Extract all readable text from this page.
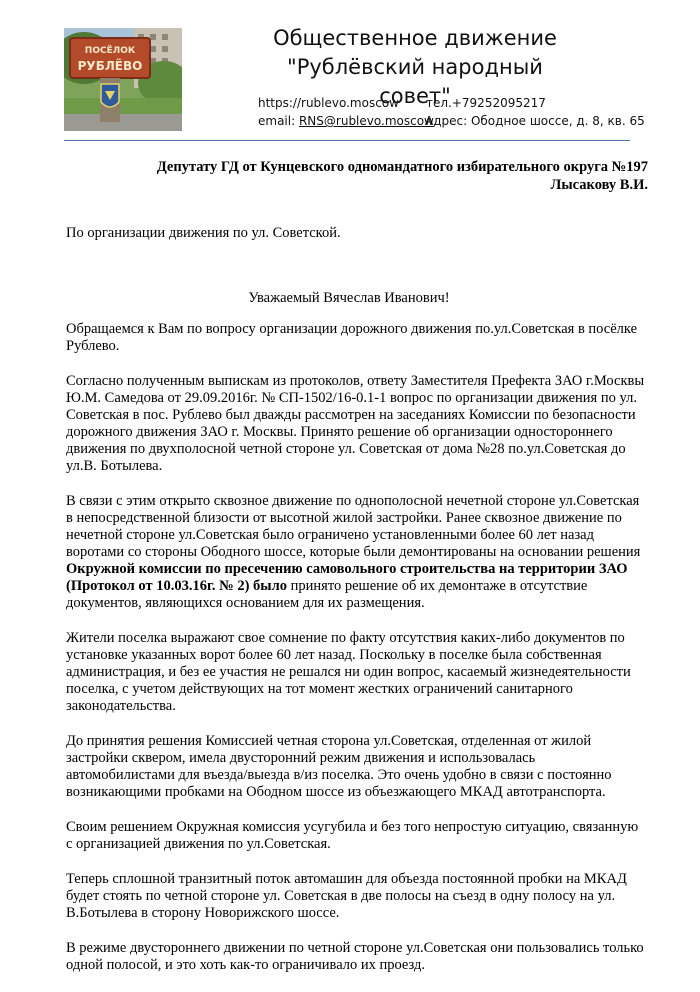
ПОСЁЛОК
РУБЛЁВО
Общественное движение
"Рублёвский народный совет"
https://rublevo.moscow тел.+79252095217
email: RNS@rublevo.moscow
Адрес: Ободное шоссе, д. 8, кв. 65
Депутату ГД от Кунцевского одномандатного избирательного округа №197
Лысакову В.И.
По организации движения по ул. Советской.
Уважаемый Вячеслав Иванович!

Обращаемся к Вам по вопросу организации дорожного движения по.ул.Советская в посёлке Рублево.

Согласно полученным выпискам из протоколов, ответу Заместителя Префекта ЗАО г.Москвы Ю.М. Самедова от 29.09.2016г. № СП-1502/16-0.1-1 вопрос по организации движения по ул. Советская в пос. Рублево был дважды рассмотрен на заседаниях Комиссии по безопасности дорожного движения ЗАО г. Москвы. Принято решение об организации одностороннего движения по двухполосной четной стороне ул. Советская от дома №28 по.ул.Советская до ул.В. Ботылева.

В связи с этим открыто сквозное движение по однополосной нечетной стороне ул.Советская в непосредственной близости от высотной жилой застройки. Ранее сквозное движение по нечетной стороне ул.Советская было ограничено установленными более 60 лет назад воротами со стороны Ободного шоссе, которые были демонтированы на основании решения Окружной комиссии по пресечению самовольного строительства на территории ЗАО (Протокол от 10.03.16г. № 2) было принято решение об их демонтаже в отсутствие документов, являющихся основанием для их размещения.

Жители поселка выражают свое сомнение по факту отсутствия каких-либо документов по установке указанных ворот более 60 лет назад. Поскольку в поселке была собственная администрация, и без ее участия не решался ни один вопрос, касаемый жизнедеятельности поселка, с учетом действующих на тот момент жестких ограничений санитарного законодательства.

До принятия решения Комиссией четная сторона ул.Советская, отделенная от жилой застройки сквером, имела двусторонний режим движения и использовалась автомобилистами для въезда/выезда в/из поселка. Это очень удобно в связи с постоянно возникающими пробками на Ободном шоссе из объезжающего МКАД автотранспорта.

Своим решением Окружная комиссия усугубила и без того непростую ситуацию, связанную с организацией движения по ул.Советская.

Теперь сплошной транзитный поток автомашин для объезда постоянной пробки на МКАД будет стоять по четной стороне ул. Советская в две полосы на съезд в одну полосу на ул. В.Ботылева в сторону Новорижского шоссе.

В режиме двустороннего движении по четной стороне ул.Советская они пользовались только одной полосой, и это хоть как-то ограничивало их проезд.
